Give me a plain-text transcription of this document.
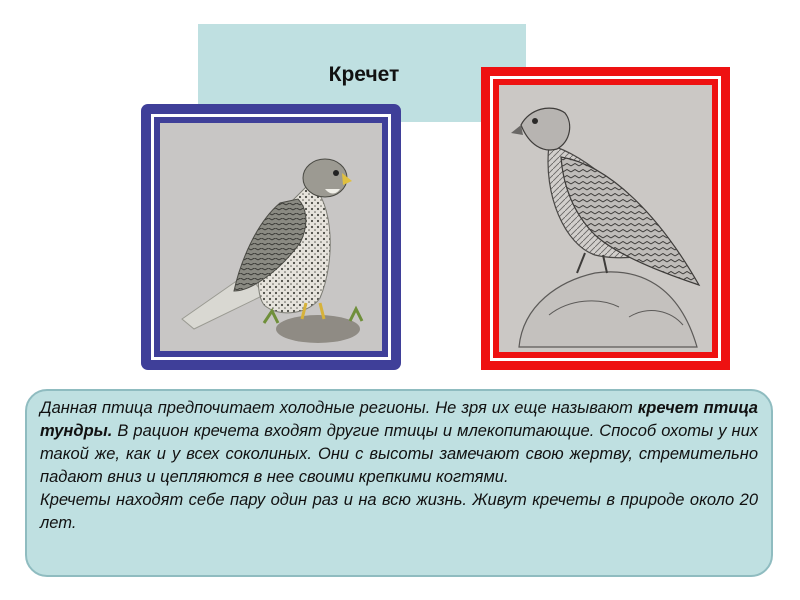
Кречет

Данная птица предпочитает холодные регионы. Не зря их еще называют кречет птица тундры. В рацион кречета входят другие птицы и млекопитающие. Способ охоты у них такой же, как и у всех соколиных. Они с высоты замечают свою жертву, стремительно падают вниз и цепляются в нее своими крепкими когтями.

Кречеты находят себе пару один раз и на всю жизнь. Живут кречеты в природе около 20 лет.
